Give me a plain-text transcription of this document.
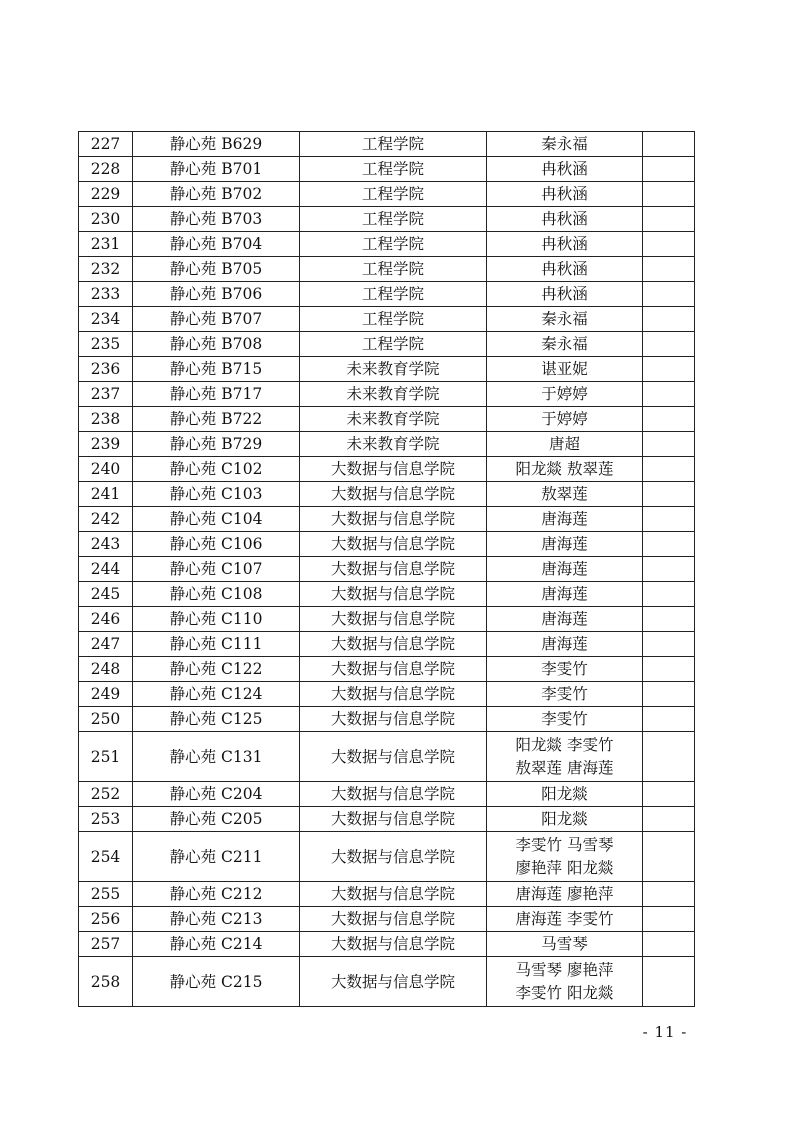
227	静心苑 B629	工程学院	秦永福	

228	静心苑 B701	工程学院	冉秋涵	

229	静心苑 B702	工程学院	冉秋涵	

230	静心苑 B703	工程学院	冉秋涵	

231	静心苑 B704	工程学院	冉秋涵	

232	静心苑 B705	工程学院	冉秋涵	

233	静心苑 B706	工程学院	冉秋涵	

234	静心苑 B707	工程学院	秦永福	

235	静心苑 B708	工程学院	秦永福	

236	静心苑 B715	未来教育学院	谌亚妮	

237	静心苑 B717	未来教育学院	于婷婷	

238	静心苑 B722	未来教育学院	于婷婷	

239	静心苑 B729	未来教育学院	唐超	

240	静心苑 C102	大数据与信息学院	阳龙燚 敖翠莲	

241	静心苑 C103	大数据与信息学院	敖翠莲	

242	静心苑 C104	大数据与信息学院	唐海莲	

243	静心苑 C106	大数据与信息学院	唐海莲	

244	静心苑 C107	大数据与信息学院	唐海莲	

245	静心苑 C108	大数据与信息学院	唐海莲	

246	静心苑 C110	大数据与信息学院	唐海莲	

247	静心苑 C111	大数据与信息学院	唐海莲	

248	静心苑 C122	大数据与信息学院	李雯竹	

249	静心苑 C124	大数据与信息学院	李雯竹	

250	静心苑 C125	大数据与信息学院	李雯竹	

251	静心苑 C131	大数据与信息学院	阳龙燚 李雯竹
敖翠莲 唐海莲	

252	静心苑 C204	大数据与信息学院	阳龙燚	

253	静心苑 C205	大数据与信息学院	阳龙燚	

254	静心苑 C211	大数据与信息学院	李雯竹 马雪琴
廖艳萍 阳龙燚	

255	静心苑 C212	大数据与信息学院	唐海莲 廖艳萍	

256	静心苑 C213	大数据与信息学院	唐海莲 李雯竹	

257	静心苑 C214	大数据与信息学院	马雪琴	

258	静心苑 C215	大数据与信息学院	马雪琴 廖艳萍
李雯竹 阳龙燚	

- 11 -
